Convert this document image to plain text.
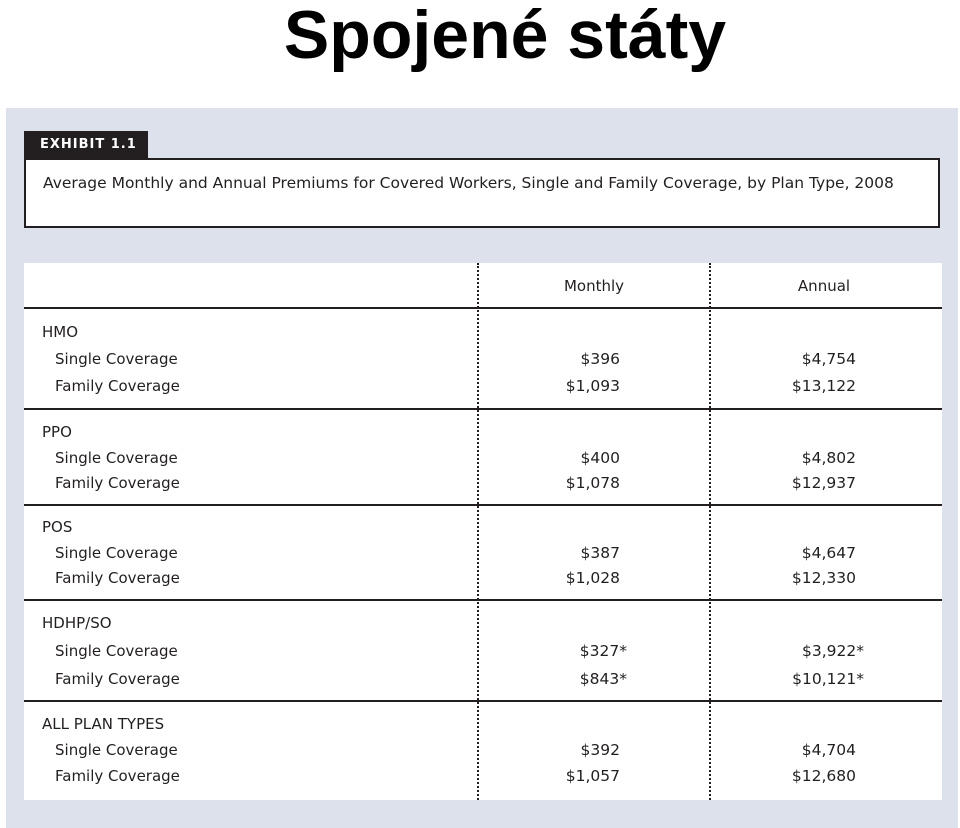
Spojené státy
EXHIBIT 1.1
Average Monthly and Annual Premiums for Covered Workers, Single and Family Coverage, by Plan Type, 2008
Monthly	Annual
HMO
Single Coverage	$396	$4,754
Family Coverage	$1,093	$13,122
PPO
Single Coverage	$400	$4,802
Family Coverage	$1,078	$12,937
POS
Single Coverage	$387	$4,647
Family Coverage	$1,028	$12,330
HDHP/SO
Single Coverage	$327*	$3,922*
Family Coverage	$843*	$10,121*
ALL PLAN TYPES
Single Coverage	$392	$4,704
Family Coverage	$1,057	$12,680
